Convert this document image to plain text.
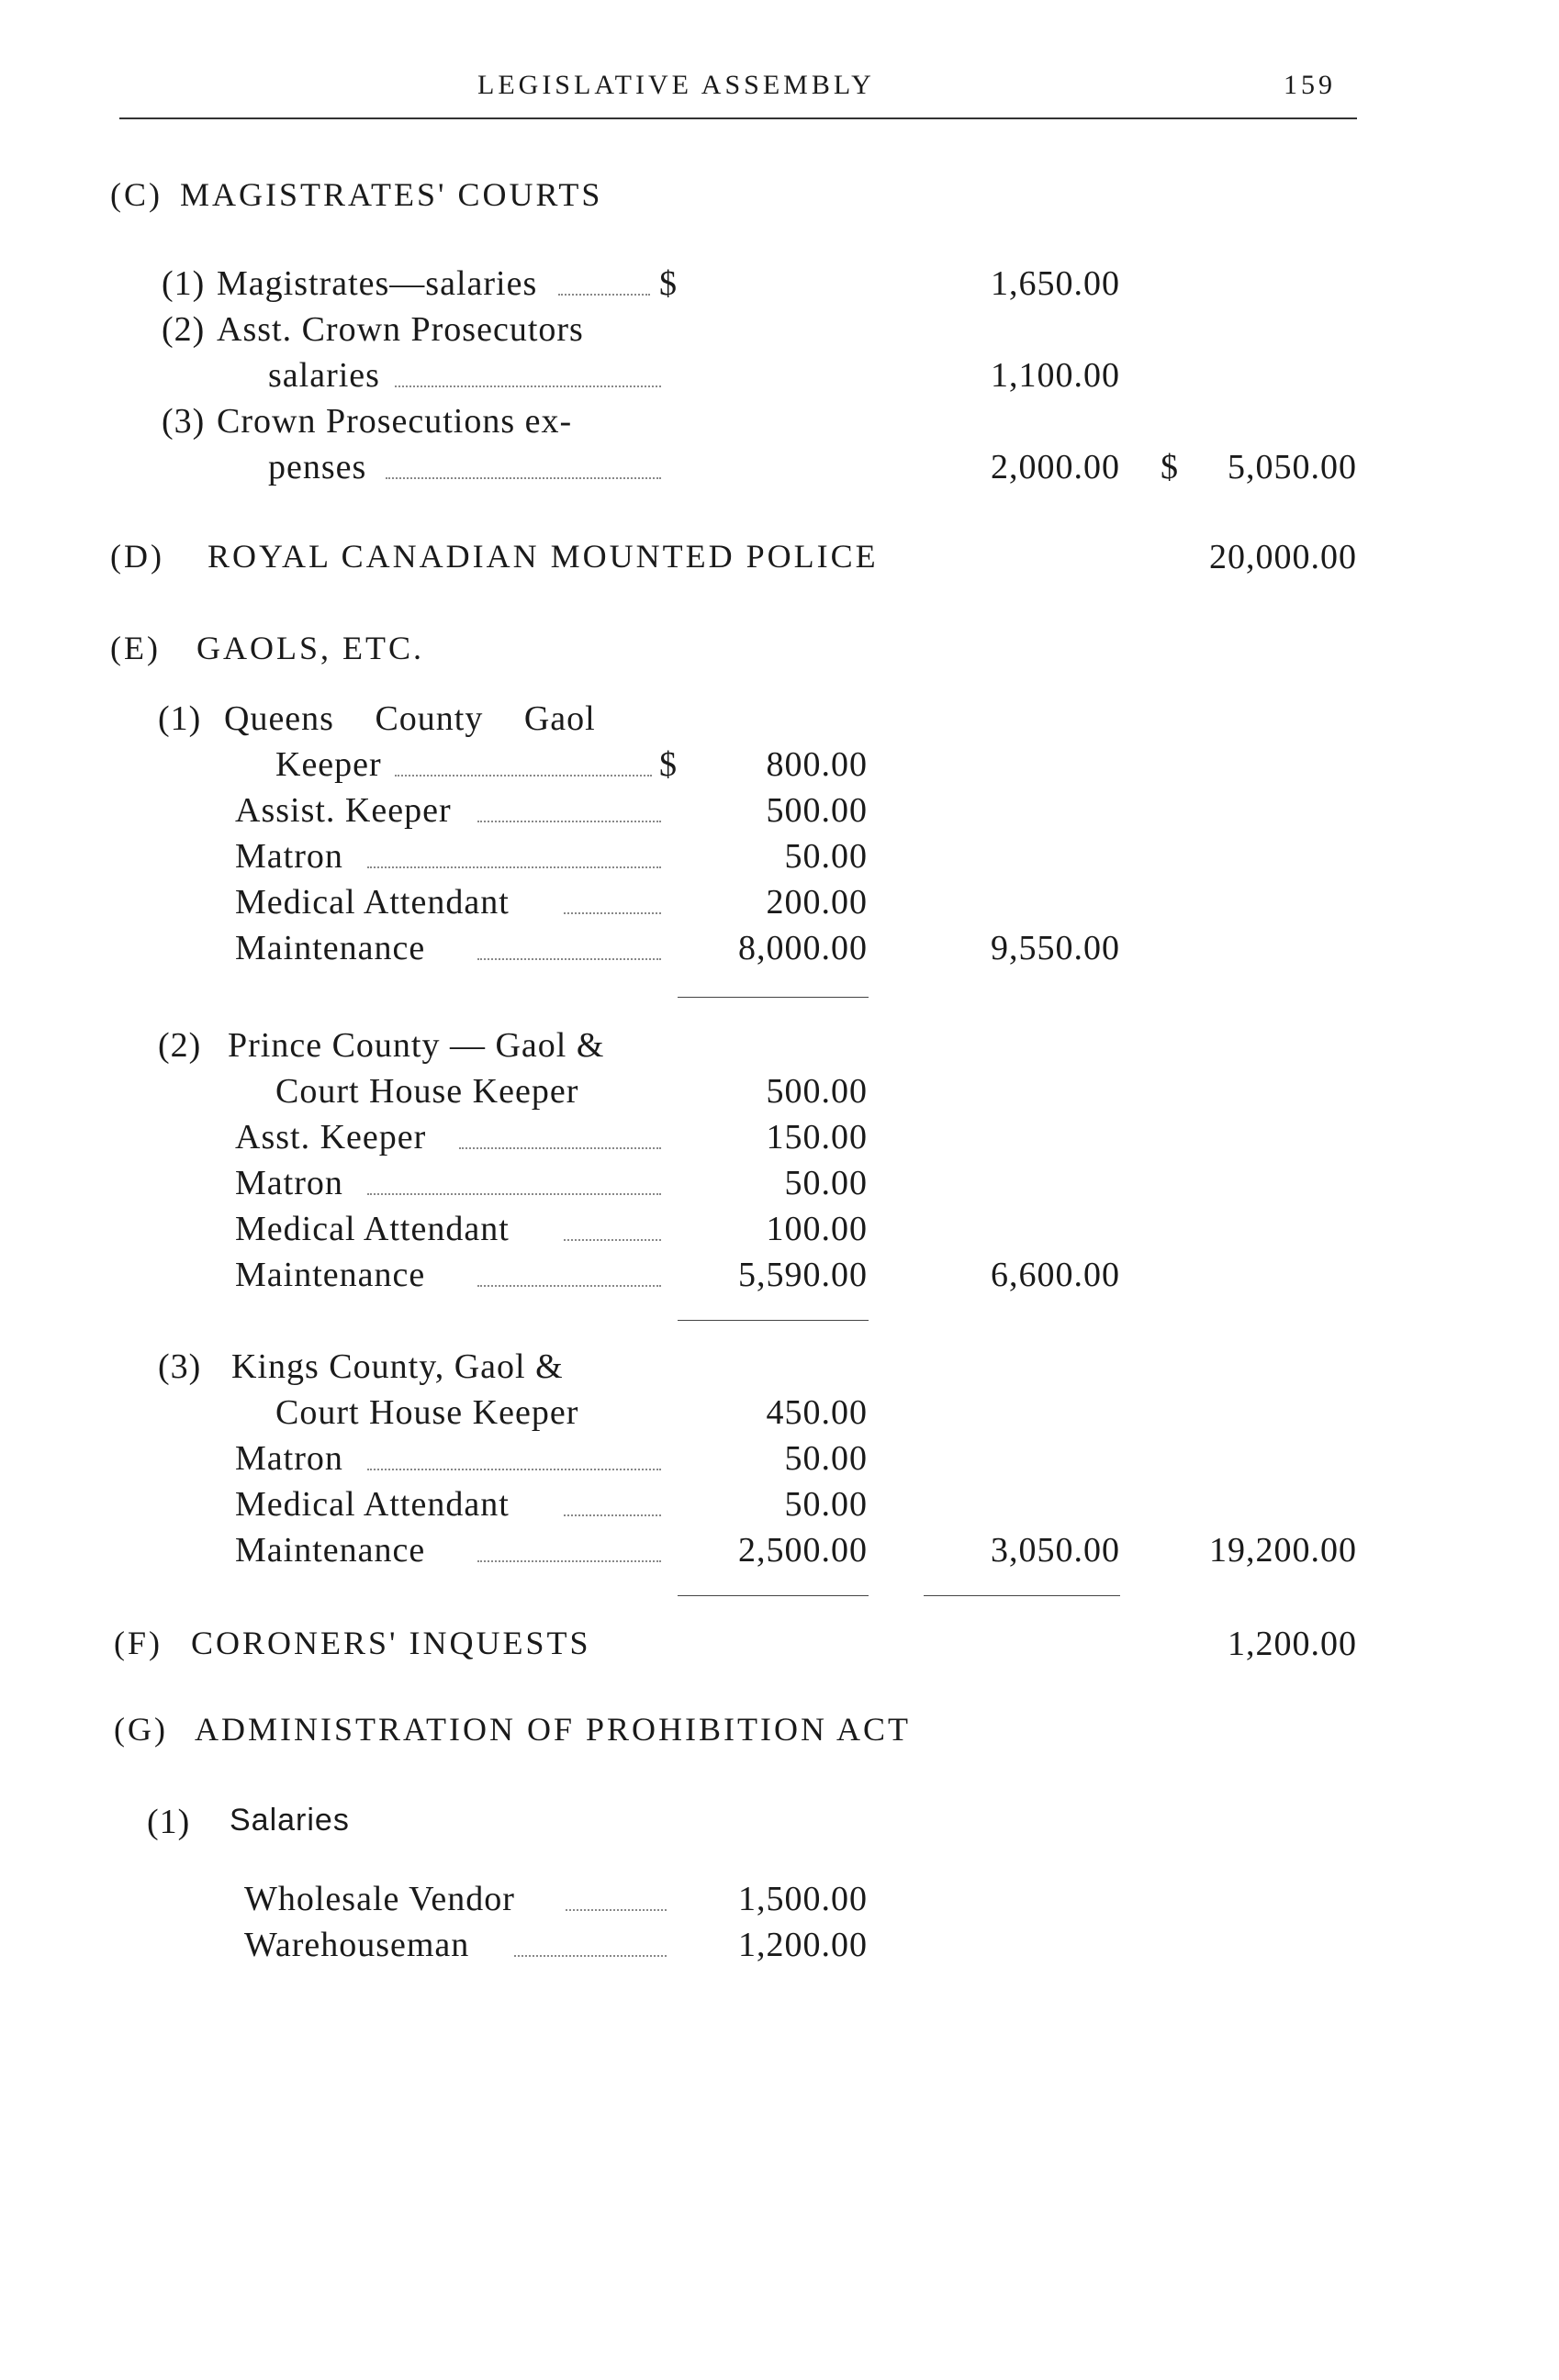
LEGISLATIVE ASSEMBLY	159
(C) MAGISTRATES' COURTS
(1) Magistrates—salaries	$	1,650.00
(2) Asst. Crown Prosecutors
salaries	1,100.00
(3) Crown Prosecutions ex-
penses	2,000.00 $	5,050.00
(D) ROYAL CANADIAN MOUNTED POLICE	20,000.00
(E) GAOLS, ETC.
(1) Queens County Gaol
Keeper	$	800.00
Assist. Keeper	500.00
Matron	50.00
Medical Attendant	200.00
Maintenance	8,000.00	9,550.00
(2) Prince County — Gaol &
Court House Keeper	500.00
Asst. Keeper	150.00
Matron	50.00
Medical Attendant	100.00
Maintenance	5,590.00	6,600.00
(3) Kings County, Gaol &
Court House Keeper	450.00
Matron	50.00
Medical Attendant	50.00
Maintenance	2,500.00	3,050.00	19,200.00
(F) CORONERS' INQUESTS	1,200.00
(G) ADMINISTRATION OF PROHIBITION ACT
(1) Salaries
Wholesale Vendor	1,500.00
Warehouseman	1,200.00
